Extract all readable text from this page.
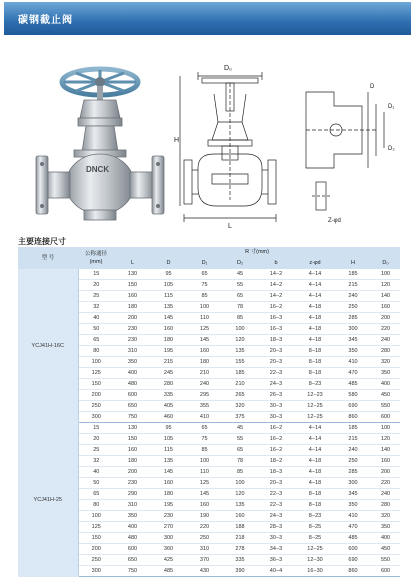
碳钢截止阀
DNCK
D₀
L
H
D
D₁
D₂
Z-φd
主要连接尺寸
型 号	公称通径
(mm)	R 寸(mm)							
		L	D	D₁	D₂	b	z-φd	H	D₀
YCJ41H-16C	15	130	95	65	45	14−2	4−14	185	100
	20	150	105	75	55	14−2	4−14	215	120
	25	160	115	85	65	14−2	4−14	240	140
	32	180	135	100	78	16−2	4−18	250	160
	40	200	145	110	85	16−3	4−18	285	200
	50	230	160	125	100	16−3	4−18	300	220
	65	230	180	145	120	18−3	4−18	345	240
	80	310	195	160	135	20−3	8−18	350	280
	100	350	215	180	155	20−3	8−18	410	320
	125	400	245	210	185	22−3	8−18	470	350
	150	480	280	240	210	24−3	8−23	485	400
	200	600	335	295	265	26−3	12−23	580	450
	250	650	405	355	320	30−3	12−25	690	550
	300	750	460	410	375	30−3	12−25	860	600
YCJ41H-25	15	130	95	65	45	16−2	4−14	185	100
	20	150	105	75	55	16−2	4−14	215	120
	25	160	115	85	65	16−2	4−14	240	140
	32	180	135	100	78	18−2	4−18	250	160
	40	200	145	110	85	18−3	4−18	285	200
	50	230	160	125	100	20−3	4−18	300	220
	65	290	180	145	120	22−3	8−18	345	240
	80	310	195	160	135	22−3	8−18	350	280
	100	350	230	190	160	24−3	8−23	410	320
	125	400	270	220	188	28−3	8−25	470	350
	150	480	300	250	218	30−3	8−25	485	400
	200	600	360	310	278	34−3	12−25	600	450
	250	650	425	370	335	36−3	12−30	690	550
	300	750	485	430	390	40−4	16−30	860	600
